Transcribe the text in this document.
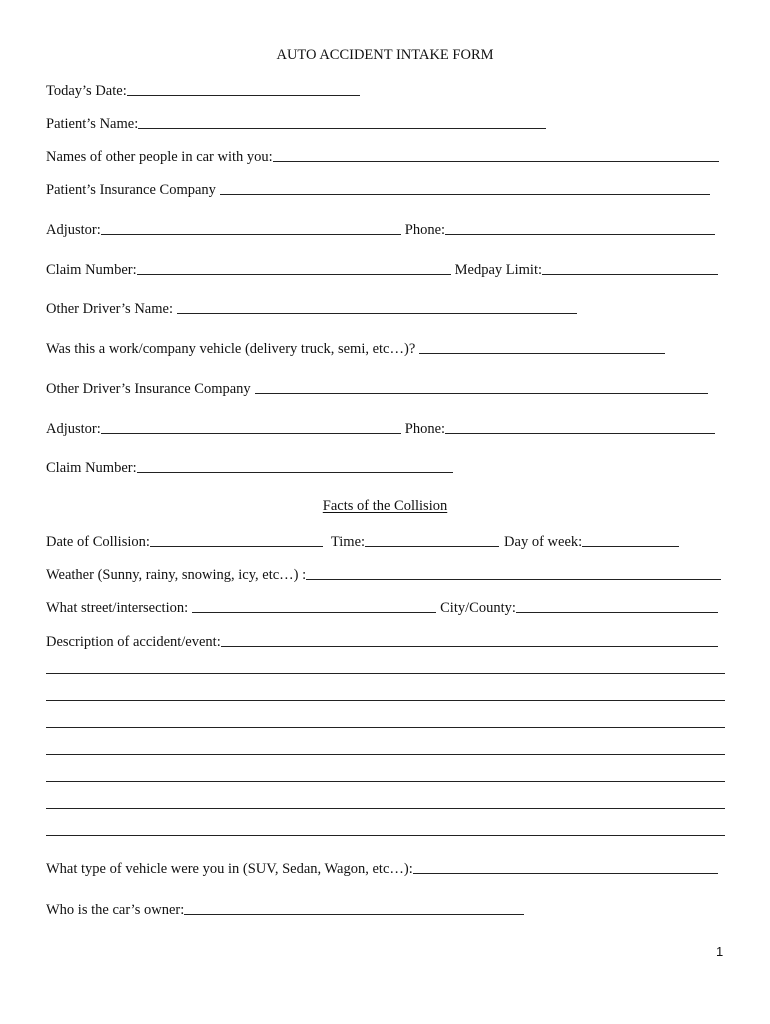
AUTO ACCIDENT INTAKE FORM
Today’s Date:
Patient’s Name:
Names of other people in car with you:
Patient’s Insurance Company
Adjustor:	Phone:
Claim Number:	Medpay Limit:
Other Driver’s Name:
Was this a work/company vehicle (delivery truck, semi, etc…)?
Other Driver’s Insurance Company
Adjustor:	Phone:
Claim Number:
Facts of the Collision
Date of Collision:	Time:	Day of week:
Weather (Sunny, rainy, snowing, icy, etc…) :
What street/intersection:	City/County:
Description of accident/event:
What type of vehicle were you in (SUV, Sedan, Wagon, etc…):
Who is the car’s owner:
1
